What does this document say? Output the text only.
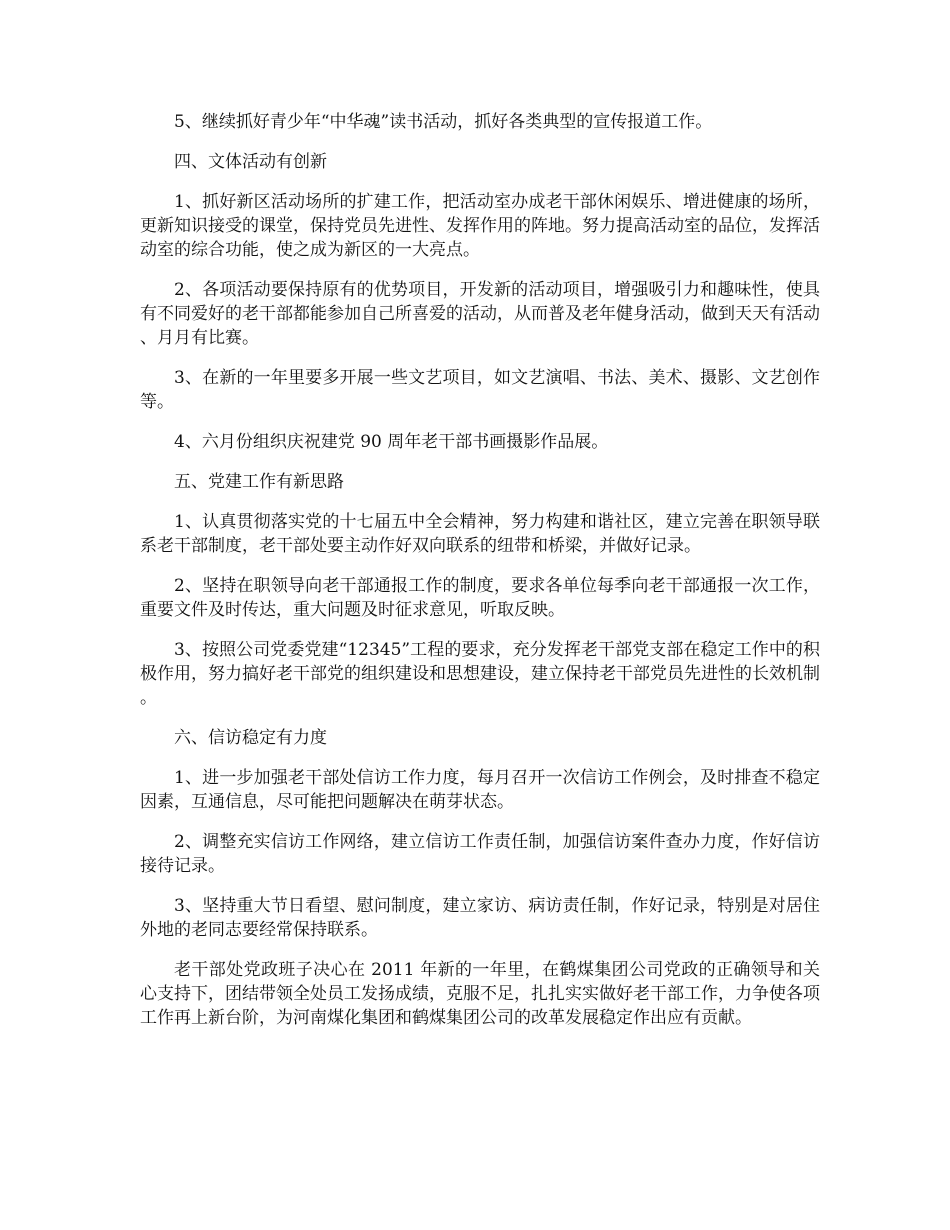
5、继续抓好青少年“中华魂”读书活动，抓好各类典型的宣传报道工作。

四、文体活动有创新

1、抓好新区活动场所的扩建工作，把活动室办成老干部休闲娱乐、增进健康的场所，更新知识接受的课堂，保持党员先进性、发挥作用的阵地。努力提高活动室的品位，发挥活动室的综合功能，使之成为新区的一大亮点。

2、各项活动要保持原有的优势项目，开发新的活动项目，增强吸引力和趣味性，使具有不同爱好的老干部都能参加自己所喜爱的活动，从而普及老年健身活动，做到天天有活动、月月有比赛。

3、在新的一年里要多开展一些文艺项目，如文艺演唱、书法、美术、摄影、文艺创作等。

4、六月份组织庆祝建党 90 周年老干部书画摄影作品展。

五、党建工作有新思路

1、认真贯彻落实党的十七届五中全会精神，努力构建和谐社区，建立完善在职领导联系老干部制度，老干部处要主动作好双向联系的纽带和桥梁，并做好记录。

2、坚持在职领导向老干部通报工作的制度，要求各单位每季向老干部通报一次工作，重要文件及时传达，重大问题及时征求意见，听取反映。

3、按照公司党委党建“12345”工程的要求，充分发挥老干部党支部在稳定工作中的积极作用，努力搞好老干部党的组织建设和思想建设，建立保持老干部党员先进性的长效机制。

六、信访稳定有力度

1、进一步加强老干部处信访工作力度，每月召开一次信访工作例会，及时排查不稳定因素，互通信息，尽可能把问题解决在萌芽状态。

2、调整充实信访工作网络，建立信访工作责任制，加强信访案件查办力度，作好信访接待记录。

3、坚持重大节日看望、慰问制度，建立家访、病访责任制，作好记录，特别是对居住外地的老同志要经常保持联系。

老干部处党政班子决心在 2011 年新的一年里，在鹤煤集团公司党政的正确领导和关心支持下，团结带领全处员工发扬成绩，克服不足，扎扎实实做好老干部工作，力争使各项工作再上新台阶，为河南煤化集团和鹤煤集团公司的改革发展稳定作出应有贡献。
